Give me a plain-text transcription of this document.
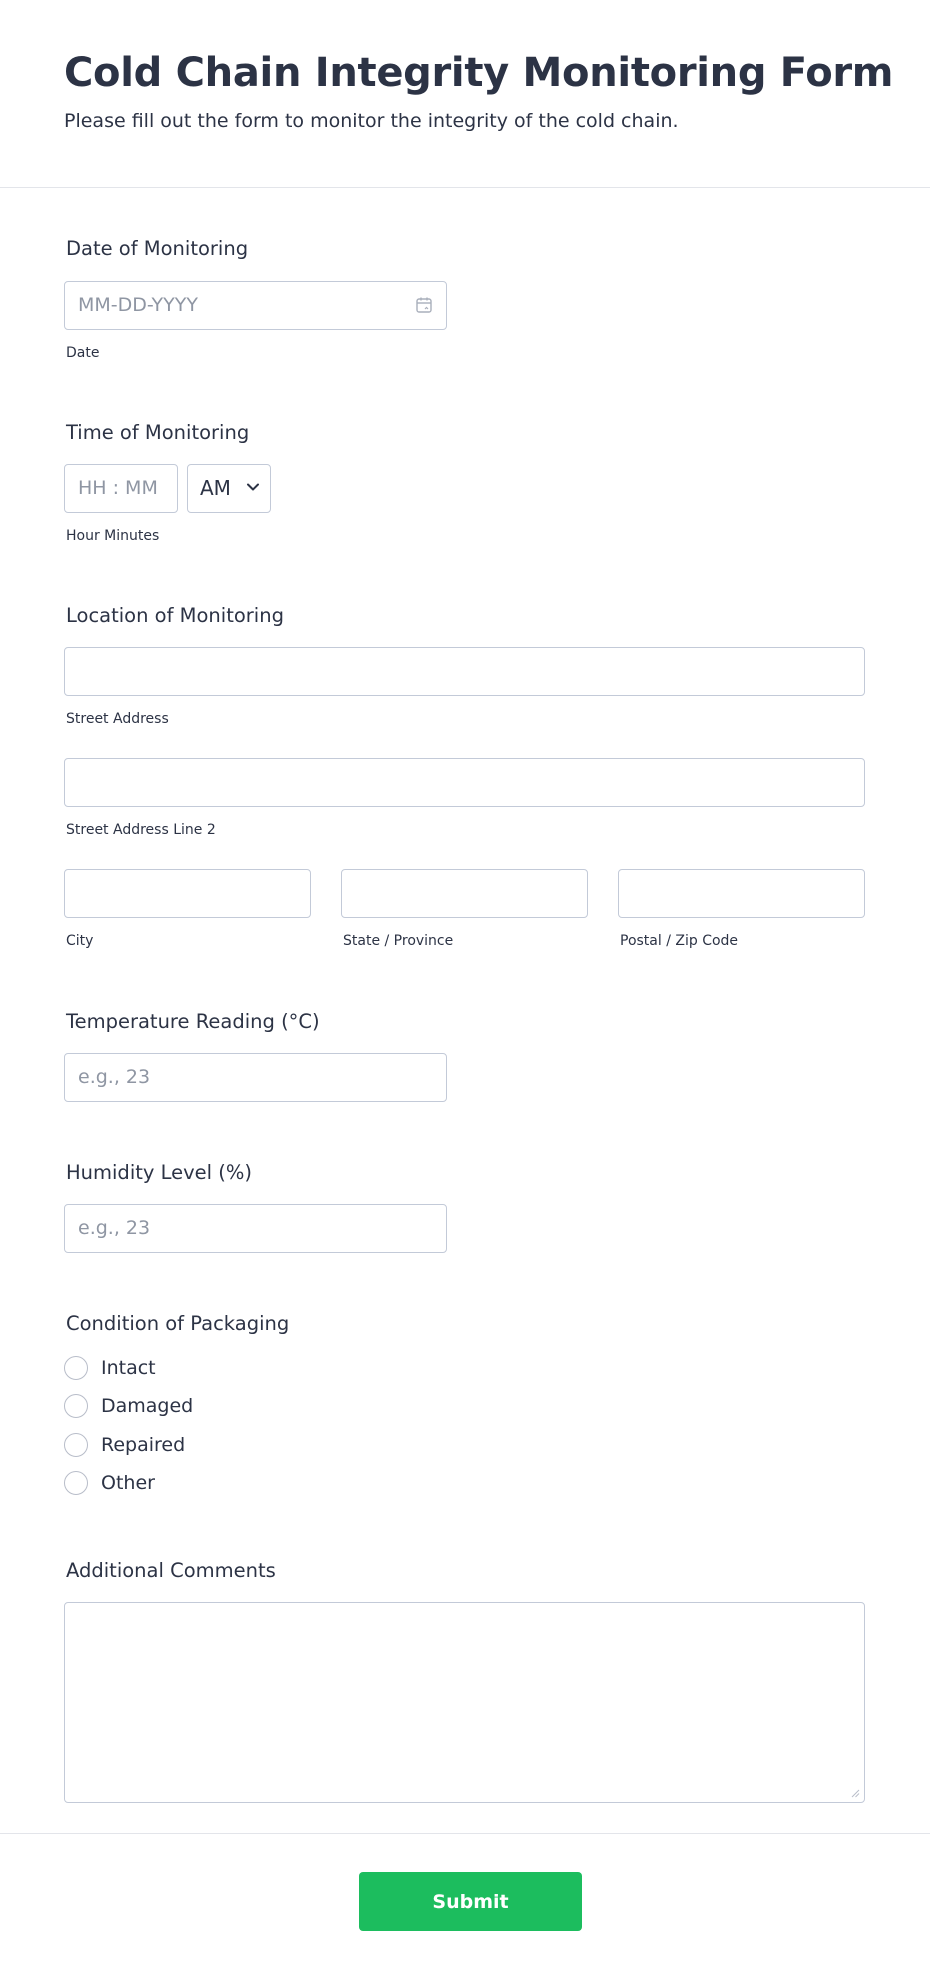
Cold Chain Integrity Monitoring Form

Please fill out the form to monitor the integrity of the cold chain.

Date of Monitoring
MM-DD-YYYY
Date
Time of Monitoring
HH : MM AM
Hour Minutes
Location of Monitoring
Street Address
Street Address Line 2
City	State / Province	Postal / Zip Code
Temperature Reading (°C)
e.g., 23
Humidity Level (%)
e.g., 23
Condition of Packaging
Intact
Damaged
Repaired
Other
Additional Comments
Submit
